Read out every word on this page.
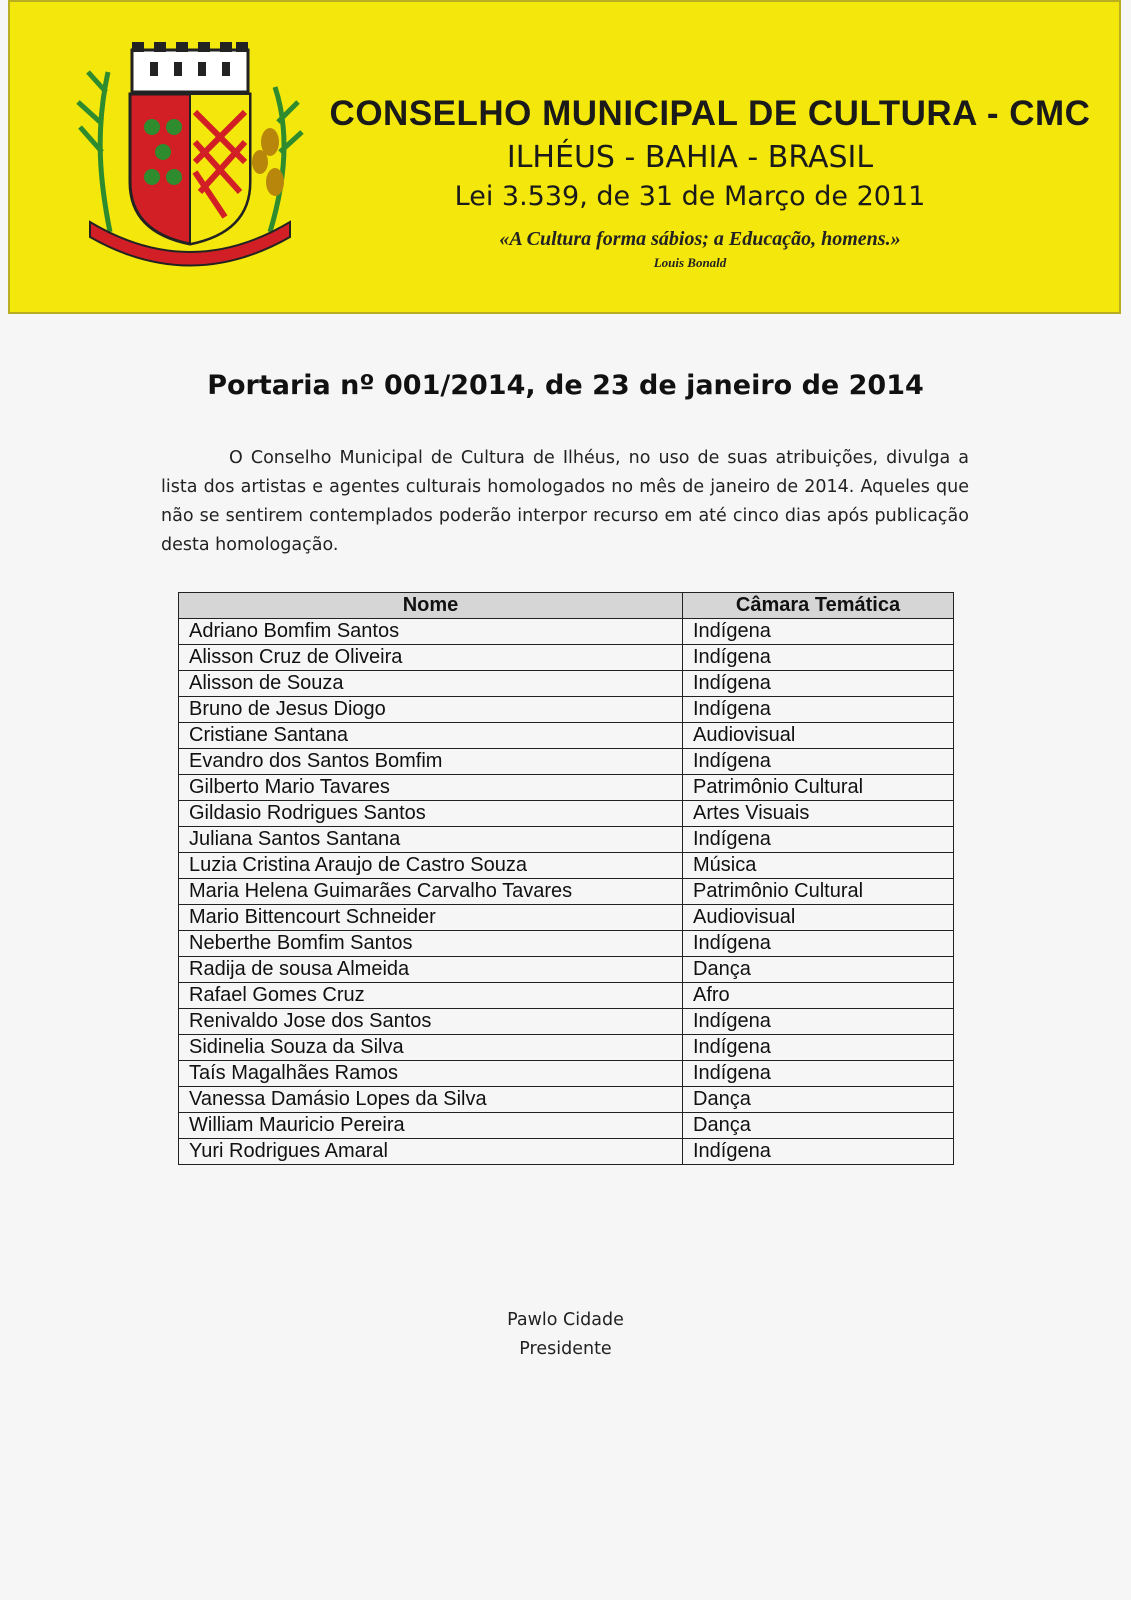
CONSELHO MUNICIPAL DE CULTURA - CMC
ILHÉUS - BAHIA - BRASIL
Lei 3.539, de 31 de Março de 2011
«A Cultura forma sábios; a Educação, homens.»
Louis Bonald
Portaria nº 001/2014, de 23 de janeiro de 2014
O Conselho Municipal de Cultura de Ilhéus, no uso de suas atribuições, divulga a lista dos artistas e agentes culturais homologados no mês de janeiro de 2014. Aqueles que não se sentirem contemplados poderão interpor recurso em até cinco dias após publicação desta homologação.
Nome	Câmara Temática
Adriano Bomfim Santos	Indígena
Alisson Cruz de Oliveira	Indígena
Alisson de Souza	Indígena
Bruno de Jesus Diogo	Indígena
Cristiane Santana	Audiovisual
Evandro dos Santos Bomfim	Indígena
Gilberto Mario Tavares	Patrimônio Cultural
Gildasio Rodrigues Santos	Artes Visuais
Juliana Santos Santana	Indígena
Luzia Cristina Araujo de Castro Souza	Música
Maria Helena Guimarães Carvalho Tavares	Patrimônio Cultural
Mario Bittencourt Schneider	Audiovisual
Neberthe Bomfim Santos	Indígena
Radija de sousa Almeida	Dança
Rafael Gomes Cruz	Afro
Renivaldo Jose dos Santos	Indígena
Sidinelia Souza da Silva	Indígena
Taís Magalhães Ramos	Indígena
Vanessa Damásio Lopes da Silva	Dança
William Mauricio Pereira	Dança
Yuri Rodrigues Amaral	Indígena
Pawlo Cidade
Presidente
